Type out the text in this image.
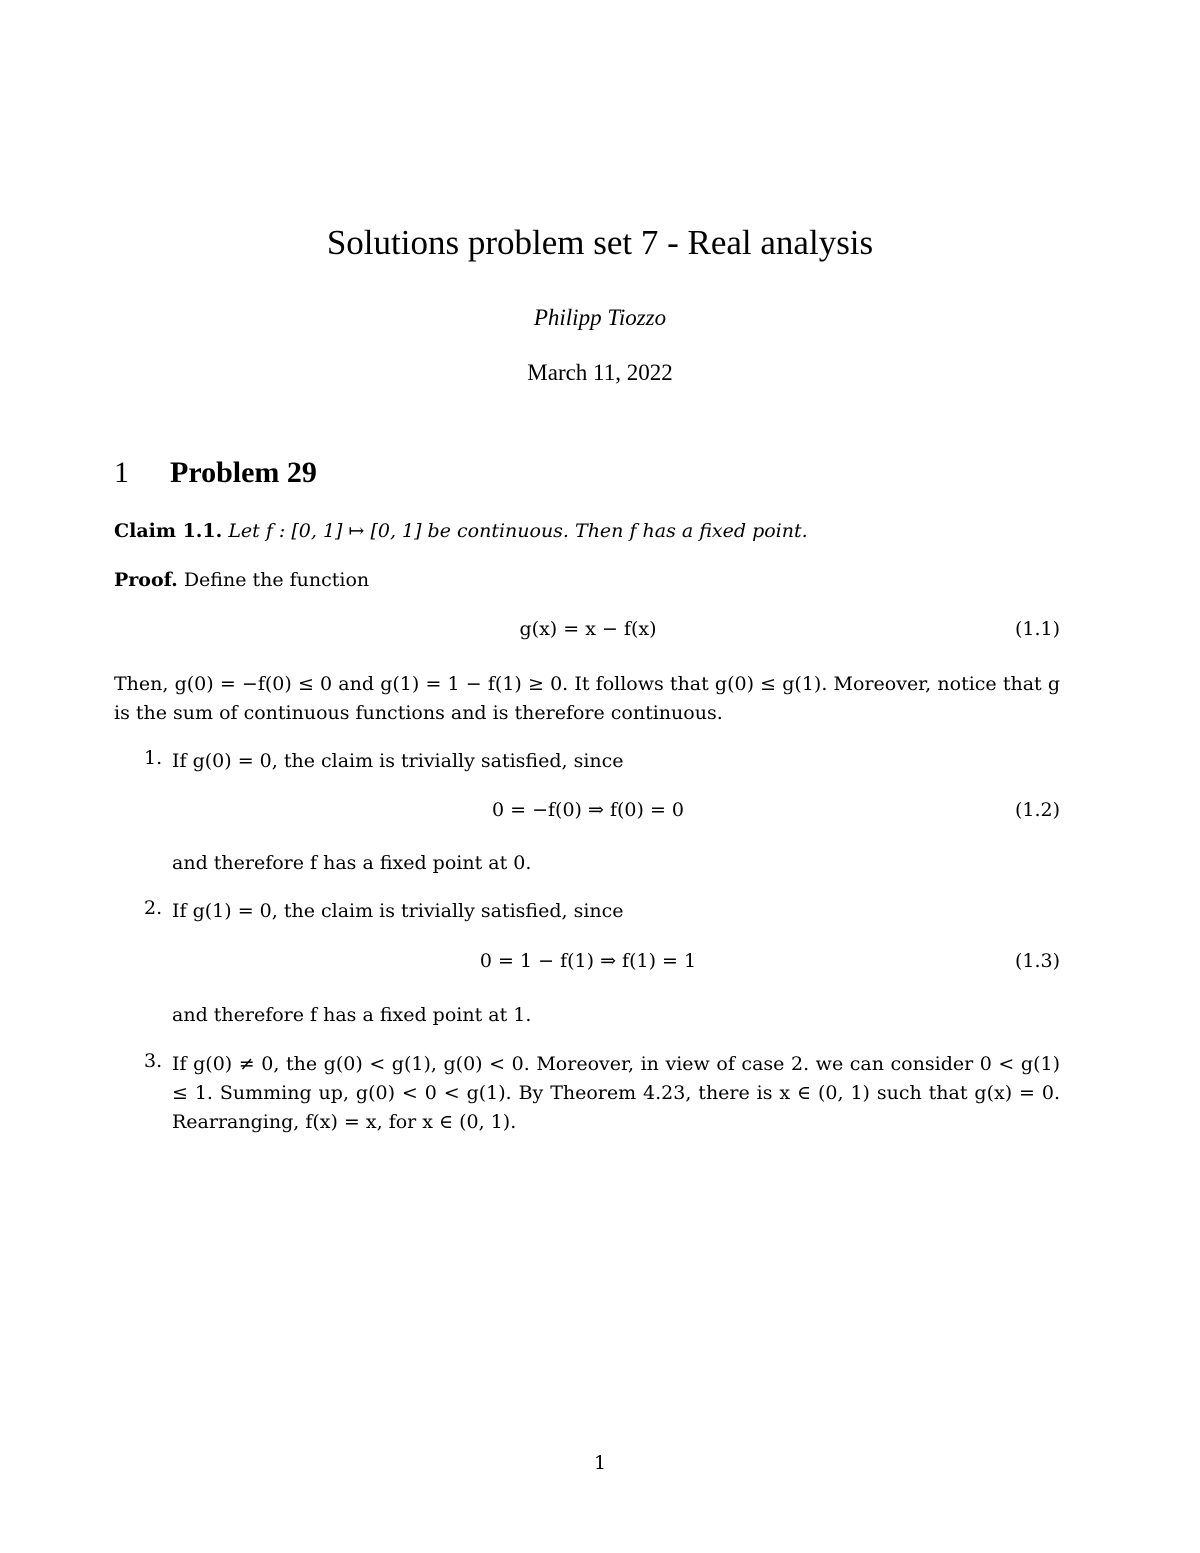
Solutions problem set 7 - Real analysis
Philipp Tiozzo
March 11, 2022
1 Problem 29
Claim 1.1. Let f : [0, 1] ↦ [0, 1] be continuous. Then f has a fixed point.
Proof. Define the function
g(x) = x − f(x)	(1.1)
Then, g(0) = −f(0) ≤ 0 and g(1) = 1 − f(1) ≥ 0. It follows that g(0) ≤ g(1). Moreover, notice that g is the sum of continuous functions and is therefore continuous.
1. If g(0) = 0, the claim is trivially satisfied, since
0 = −f(0) ⇒ f(0) = 0	(1.2)
and therefore f has a fixed point at 0.
2. If g(1) = 0, the claim is trivially satisfied, since
0 = 1 − f(1) ⇒ f(1) = 1	(1.3)
and therefore f has a fixed point at 1.
3. If g(0) ≠ 0, the g(0) < g(1), g(0) < 0. Moreover, in view of case 2. we can consider 0 < g(1) ≤ 1. Summing up, g(0) < 0 < g(1). By Theorem 4.23, there is x ∈ (0, 1) such that g(x) = 0. Rearranging, f(x) = x, for x ∈ (0, 1).
1
